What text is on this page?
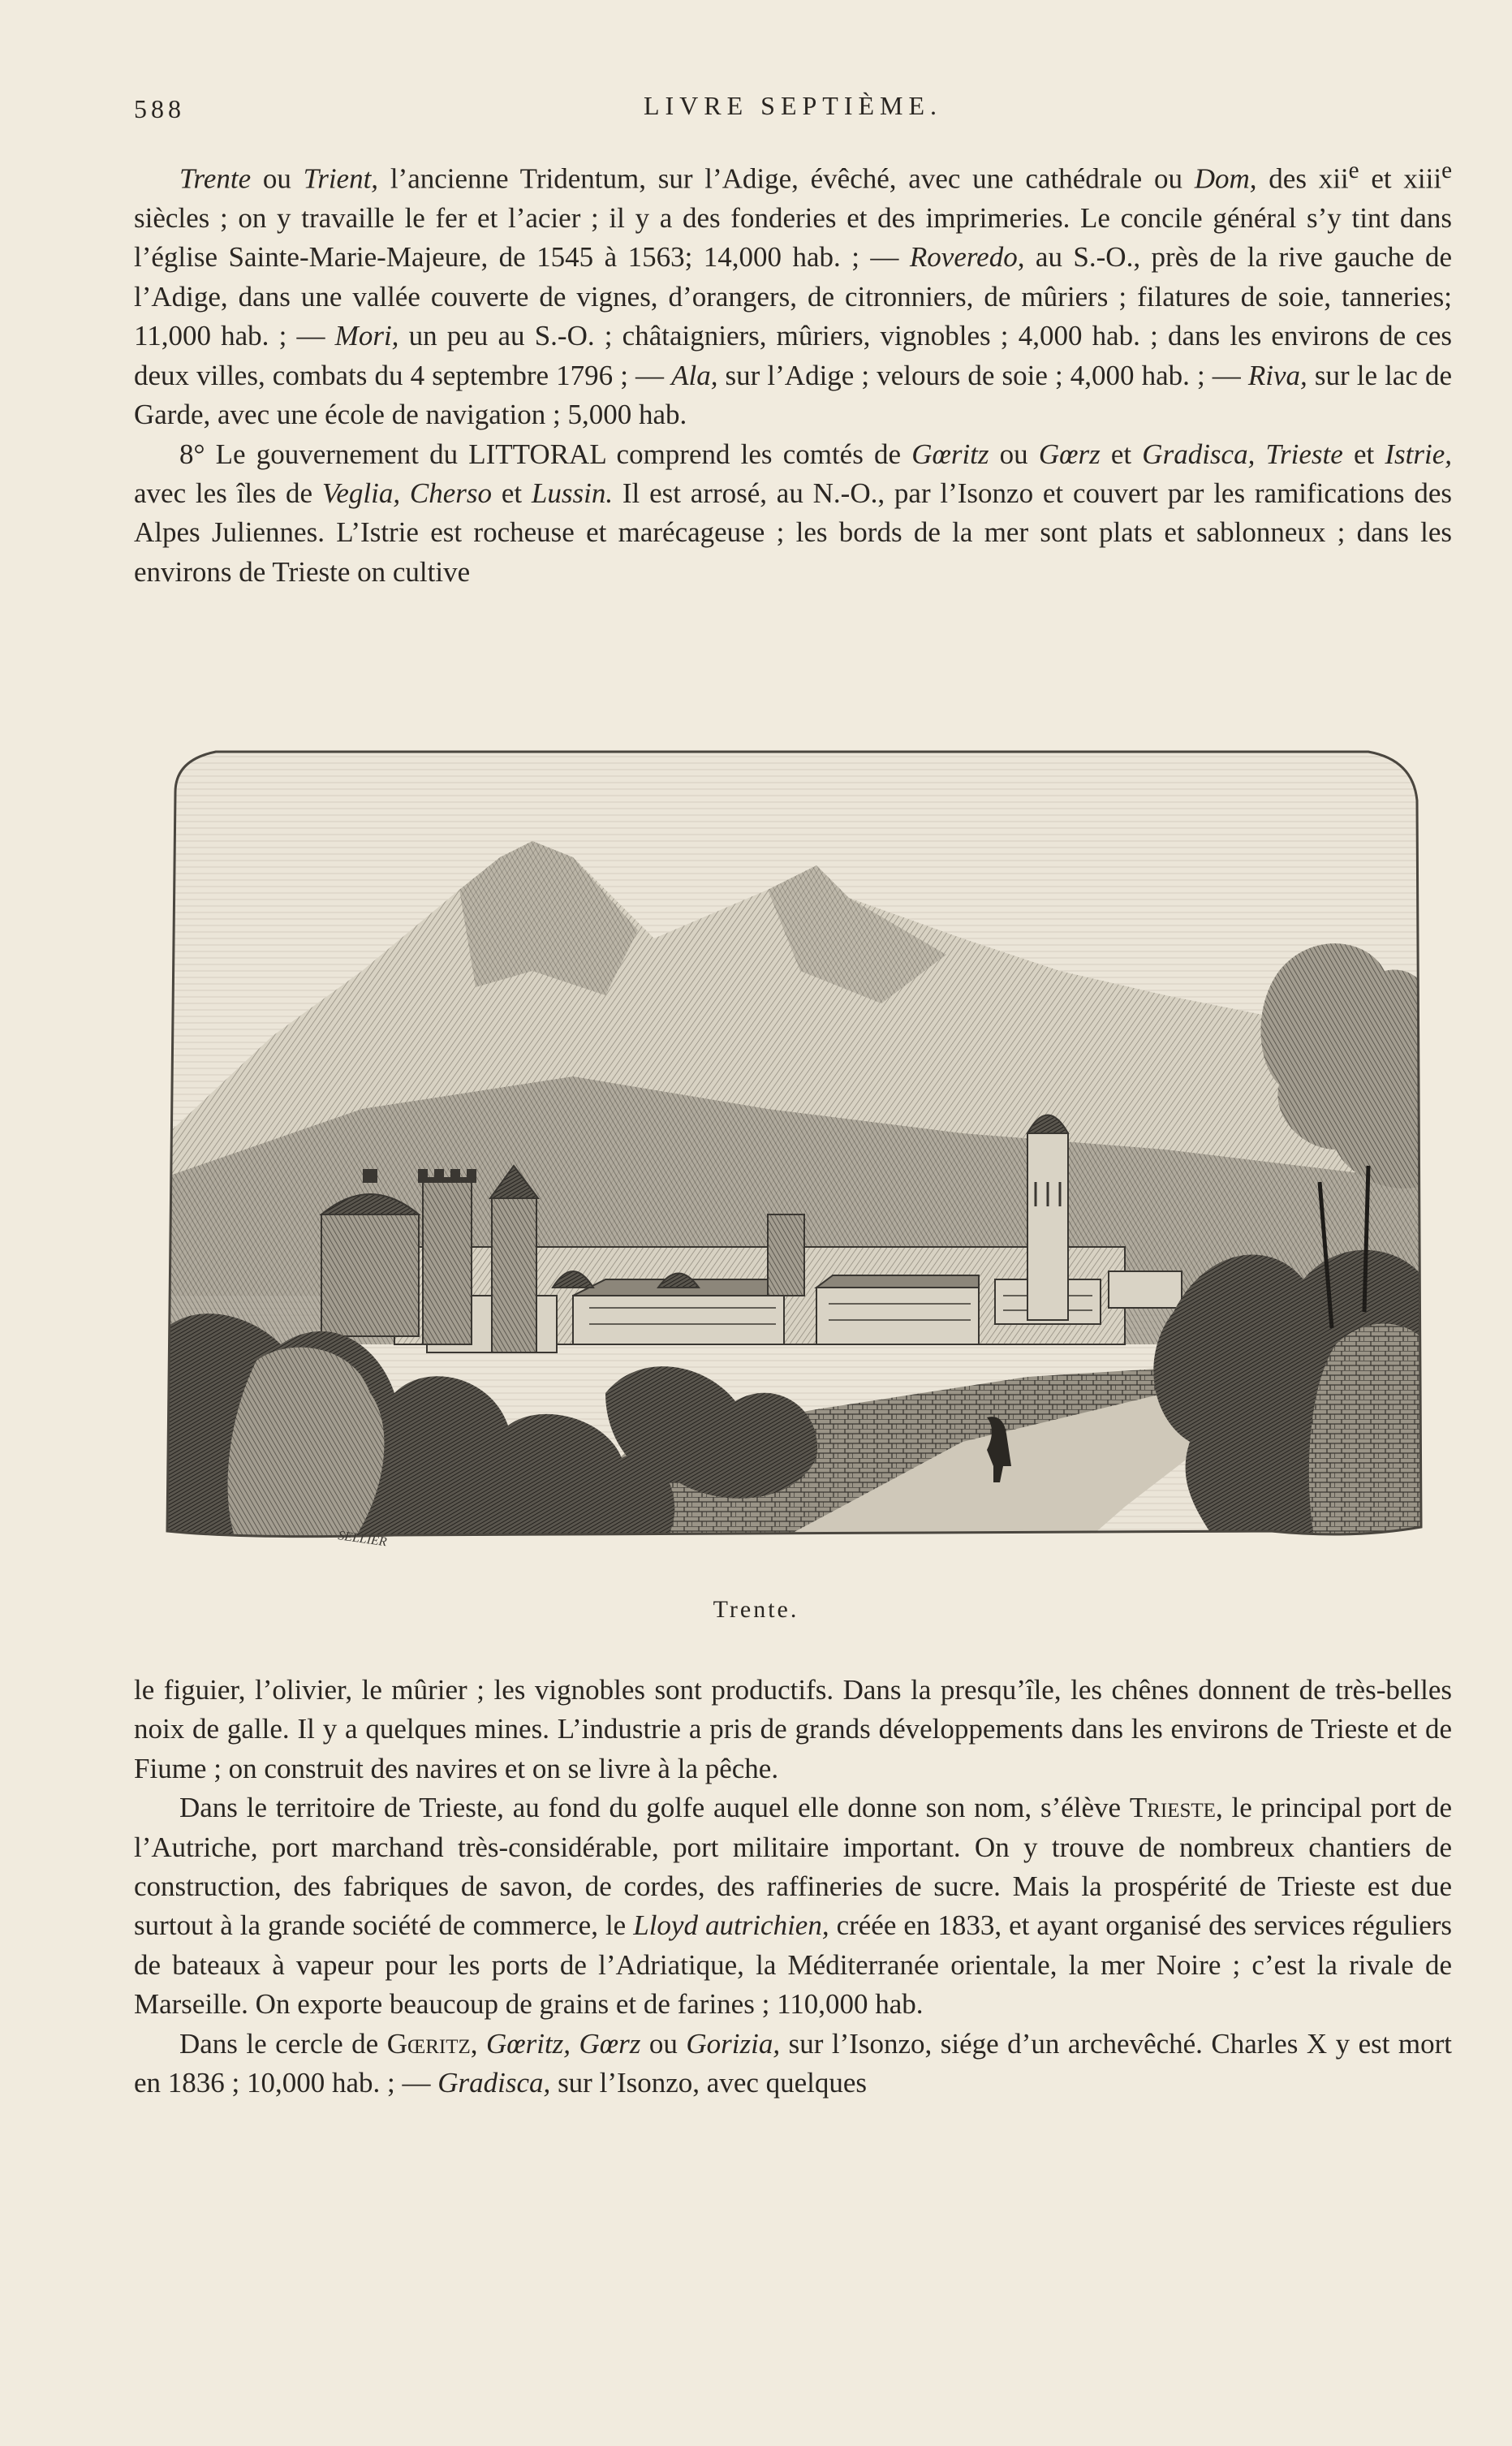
588	LIVRE SEPTIÈME.

Trente ou Trient, l’ancienne Tridentum, sur l’Adige, évêché, avec une cathédrale ou Dom, des xii$^e$ et xiii$^e$ siècles ; on y travaille le fer et l’acier ; il y a des fonderies et des imprimeries. Le concile général s’y tint dans l’église Sainte-Marie-Majeure, de 1545 à 1563; 14,000 hab. ; — Roveredo, au S.-O., près de la rive gauche de l’Adige, dans une vallée couverte de vignes, d’orangers, de citronniers, de mûriers ; filatures de soie, tanneries; 11,000 hab. ; — Mori, un peu au S.-O. ; châtaigniers, mûriers, vignobles ; 4,000 hab. ; dans les environs de ces deux villes, combats du 4 septembre 1796 ; — Ala, sur l’Adige ; velours de soie ; 4,000 hab. ; — Riva, sur le lac de Garde, avec une école de navigation ; 5,000 hab.

8° Le gouvernement du LITTORAL comprend les comtés de Gœritz ou Gœrz et Gradisca, Trieste et Istrie, avec les îles de Veglia, Cherso et Lussin. Il est arrosé, au N.-O., par l’Isonzo et couvert par les ramifications des Alpes Juliennes. L’Istrie est rocheuse et marécageuse ; les bords de la mer sont plats et sablonneux ; dans les environs de Trieste on cultive

SELLIER
Trente.

le figuier, l’olivier, le mûrier ; les vignobles sont productifs. Dans la presqu’île, les chênes donnent de très-belles noix de galle. Il y a quelques mines. L’industrie a pris de grands développements dans les environs de Trieste et de Fiume ; on construit des navires et on se livre à la pêche.

Dans le territoire de Trieste, au fond du golfe auquel elle donne son nom, s’élève Trieste, le principal port de l’Autriche, port marchand très-considérable, port militaire important. On y trouve de nombreux chantiers de construction, des fabriques de savon, de cordes, des raffineries de sucre. Mais la prospérité de Trieste est due surtout à la grande société de commerce, le Lloyd autrichien, créée en 1833, et ayant organisé des services réguliers de bateaux à vapeur pour les ports de l’Adriatique, la Méditerranée orientale, la mer Noire ; c’est la rivale de Marseille. On exporte beaucoup de grains et de farines ; 110,000 hab.

Dans le cercle de Gœritz, Gœritz, Gœrz ou Gorizia, sur l’Isonzo, siége d’un archevêché. Charles X y est mort en 1836 ; 10,000 hab. ; — Gradisca, sur l’Isonzo, avec quelques
